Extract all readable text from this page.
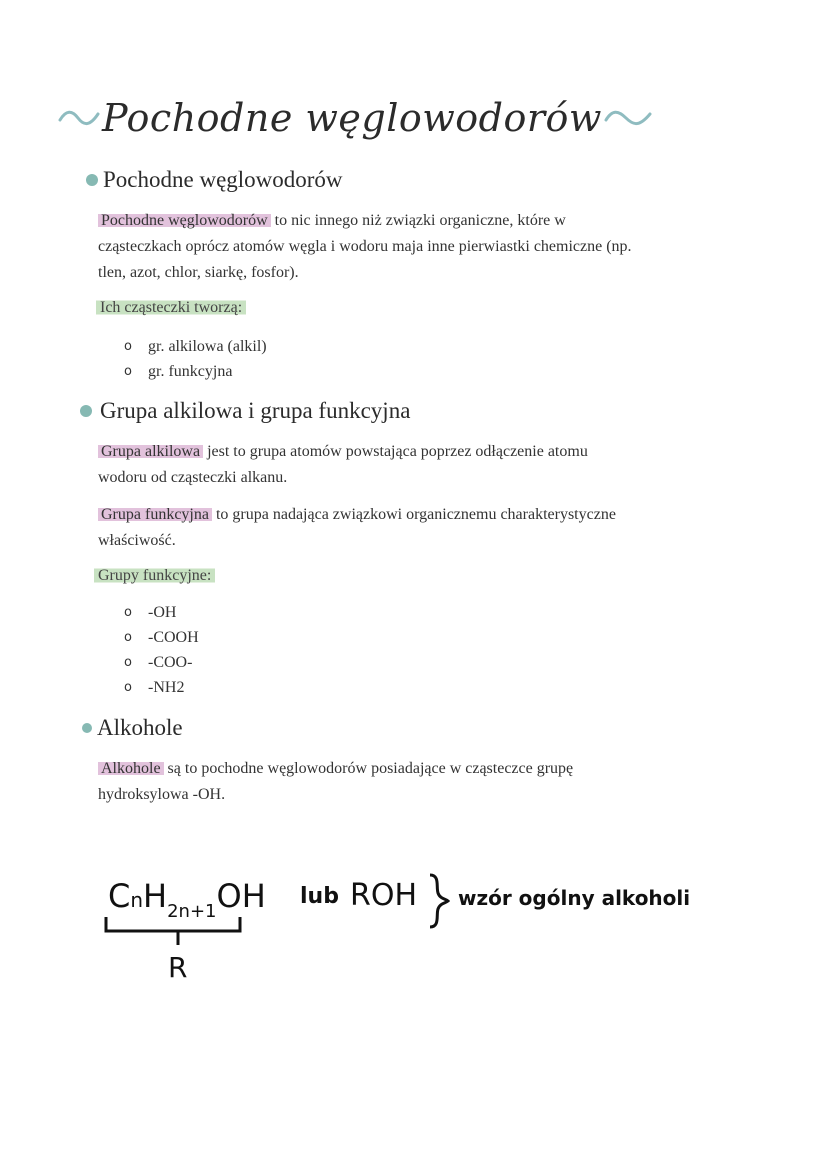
Pochodne węglowodorów
Pochodne węglowodorów
Pochodne węglowodorów to nic innego niż związki organiczne, które w
cząsteczkach oprócz atomów węgla i wodoru maja inne pierwiastki chemiczne (np.
tlen, azot, chlor, siarkę, fosfor).
Ich cząsteczki tworzą:
o	gr. alkilowa (alkil)
o	gr. funkcyjna
Grupa alkilowa i grupa funkcyjna
Grupa alkilowa jest to grupa atomów powstająca poprzez odłączenie atomu
wodoru od cząsteczki alkanu.
Grupa funkcyjna to grupa nadająca związkowi organicznemu charakterystyczne
właściwość.
Grupy funkcyjne:
o	-OH
o	-COOH
o	-COO-
o	-NH2
Alkohole
Alkohole są to pochodne węglowodorów posiadające w cząsteczce grupę
hydroksylowa -OH.
CnH$_{2n+1}$OH lub ROH wzór ogólny alkoholi
R
